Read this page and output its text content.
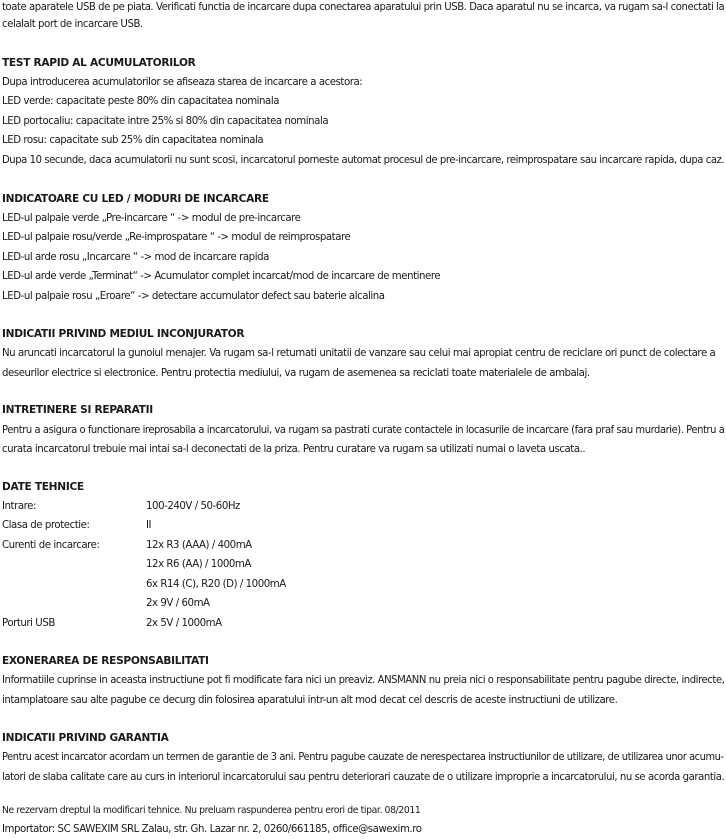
toate aparatele USB de pe piata. Verificati functia de incarcare dupa conectarea aparatului prin USB. Daca aparatul nu se incarca, va rugam sa-l conectati la
celalalt port de incarcare USB.
TEST RAPID AL ACUMULATORILOR
Dupa introducerea acumulatorilor se afiseaza starea de incarcare a acestora:
LED verde: capacitate peste 80% din capacitatea nominala
LED portocaliu: capacitate intre 25% si 80% din capacitatea nominala
LED rosu: capacitate sub 25% din capacitatea nominala
Dupa 10 secunde, daca acumulatorii nu sunt scosi, incarcatorul porneste automat procesul de pre-incarcare, reimprospatare sau incarcare rapida, dupa caz.
INDICATOARE CU LED / MODURI DE INCARCARE
LED-ul palpaie verde „Pre-incarcare “ -> modul de pre-incarcare
LED-ul palpaie rosu/verde „Re-improspatare “ -> modul de reimprospatare
LED-ul arde rosu „Incarcare “ -> mod de incarcare rapida
LED-ul arde verde „Terminat“ -> Acumulator complet incarcat/mod de incarcare de mentinere
LED-ul palpaie rosu „Eroare“ -> detectare accumulator defect sau baterie alcalina
INDICATII PRIVIND MEDIUL INCONJURATOR
Nu aruncati incarcatorul la gunoiul menajer. Va rugam sa-l returnati unitatii de vanzare sau celui mai apropiat centru de reciclare ori punct de colectare a
deseurilor electrice si electronice. Pentru protectia mediului, va rugam de asemenea sa reciclati toate materialele de ambalaj.
INTRETINERE SI REPARATII
Pentru a asigura o functionare ireprosabila a incarcatorului, va rugam sa pastrati curate contactele in locasurile de incarcare (fara praf sau murdarie). Pentru a
curata incarcatorul trebuie mai intai sa-l deconectati de la priza. Pentru curatare va rugam sa utilizati numai o laveta uscata..
DATE TEHNICE
Intrare:	100-240V / 50-60Hz
Clasa de protectie:	II
Curenti de incarcare:	12x R3 (AAA) / 400mA
12x R6 (AA) / 1000mA
6x R14 (C), R20 (D) / 1000mA
2x 9V / 60mA
Porturi USB	2x 5V / 1000mA
EXONERAREA DE RESPONSABILITATI
Informatiile cuprinse in aceasta instructiune pot fi modificate fara nici un preaviz. ANSMANN nu preia nici o responsabilitate pentru pagube directe, indirecte,
intamplatoare sau alte pagube ce decurg din folosirea aparatului intr-un alt mod decat cel descris de aceste instructiuni de utilizare.
INDICATII PRIVIND GARANTIA
Pentru acest incarcator acordam un termen de garantie de 3 ani. Pentru pagube cauzate de nerespectarea instructiunilor de utilizare, de utilizarea unor acumu-
latori de slaba calitate care au curs in interiorul incarcatorului sau pentru deteriorari cauzate de o utilizare improprie a incarcatorului, nu se acorda garantia.
Ne rezervam dreptul la modificari tehnice. Nu preluam raspunderea pentru erori de tipar. 08/2011
Importator: SC SAWEXIM SRL Zalau, str. Gh. Lazar nr. 2, 0260/661185, office@sawexim.ro
